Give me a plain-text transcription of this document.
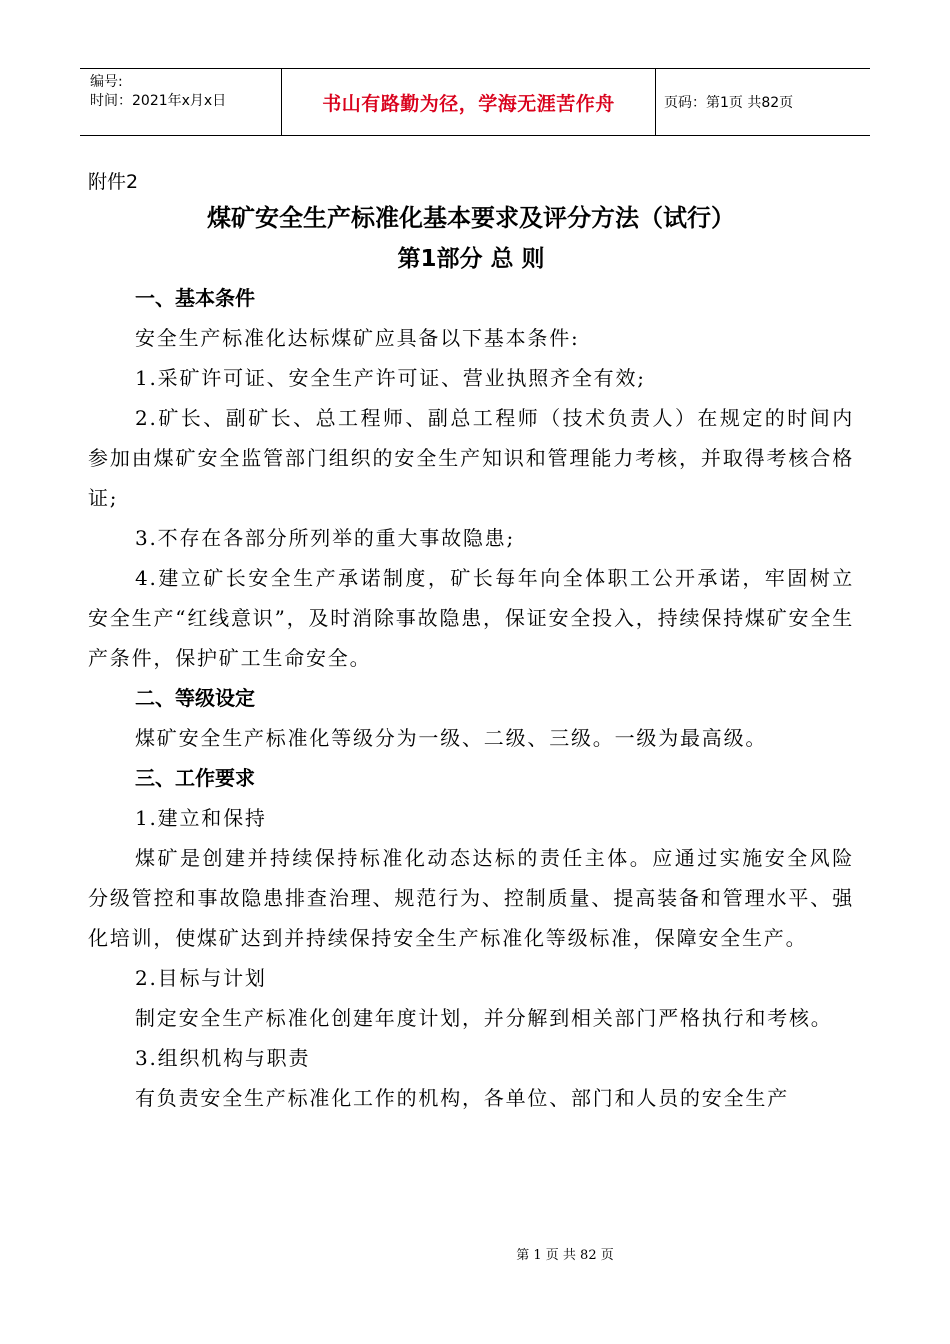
编号:
时间：2021年x月x日	书山有路勤为径，学海无涯苦作舟	页码：第1页 共82页

附件2

煤矿安全生产标准化基本要求及评分方法（试行）
第1部分 总 则
一、基本条件

安全生产标准化达标煤矿应具备以下基本条件:

1.采矿许可证、安全生产许可证、营业执照齐全有效;

2.矿长、副矿长、总工程师、副总工程师（技术负责人）在规定的时间内参加由煤矿安全监管部门组织的安全生产知识和管理能力考核，并取得考核合格证;

3.不存在各部分所列举的重大事故隐患;

4.建立矿长安全生产承诺制度，矿长每年向全体职工公开承诺，牢固树立安全生产“红线意识”，及时消除事故隐患，保证安全投入，持续保持煤矿安全生产条件，保护矿工生命安全。

二、等级设定

煤矿安全生产标准化等级分为一级、二级、三级。一级为最高级。

三、工作要求

1.建立和保持

煤矿是创建并持续保持标准化动态达标的责任主体。应通过实施安全风险分级管控和事故隐患排查治理、规范行为、控制质量、提高装备和管理水平、强化培训，使煤矿达到并持续保持安全生产标准化等级标准，保障安全生产。

2.目标与计划

制定安全生产标准化创建年度计划，并分解到相关部门严格执行和考核。

3.组织机构与职责

有负责安全生产标准化工作的机构，各单位、部门和人员的安全生产

第 1 页 共 82 页
